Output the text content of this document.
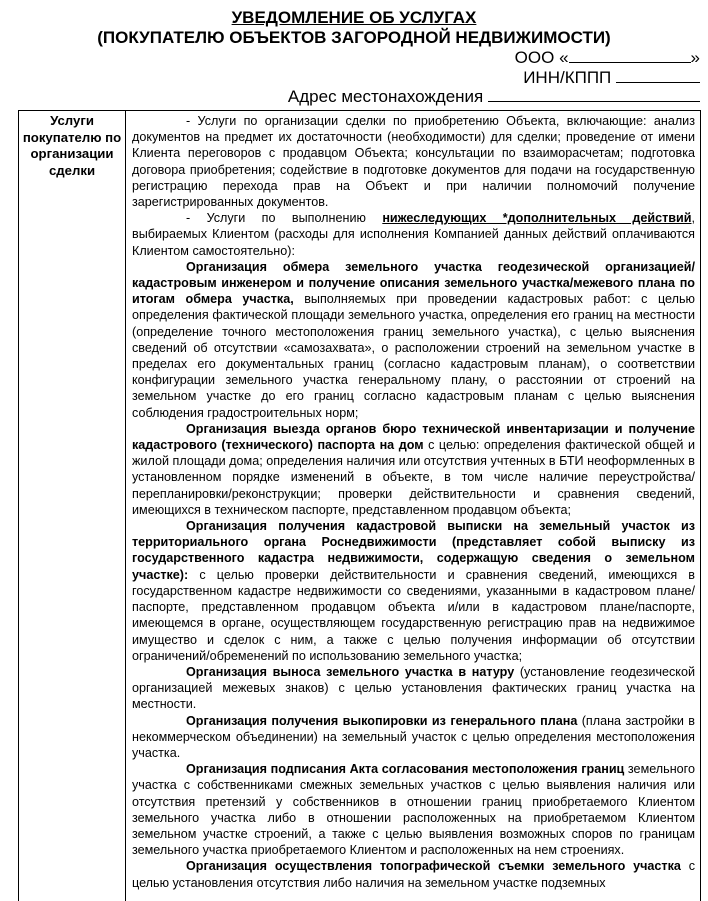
УВЕДОМЛЕНИЕ ОБ УСЛУГАХ
(ПОКУПАТЕЛЮ ОБЪЕКТОВ ЗАГОРОДНОЙ НЕДВИЖИМОСТИ)
ООО «	»
ИНН/КППП
Адрес местонахождения
Услуги покупателю по организации сделки

- Услуги по организации сделки по приобретению Объекта, включающие: анализ документов на предмет их достаточности (необходимости) для сделки; проведение от имени Клиента переговоров с продавцом Объекта; консультации по взаиморасчетам; подготовка договора приобретения; содействие в подготовке документов для подачи на государственную регистрацию перехода прав на Объект и при наличии полномочий получение зарегистрированных документов.

- Услуги по выполнению нижеследующих *дополнительных действий, выбираемых Клиентом (расходы для исполнения Компанией данных действий оплачиваются Клиентом самостоятельно):

Организация обмера земельного участка геодезической организацией/кадастровым инженером и получение описания земельного участка/межевого плана по итогам обмера участка, выполняемых при проведении кадастровых работ: с целью определения фактической площади земельного участка, определения его границ на местности (определение точного местоположения границ земельного участка), с целью выяснения сведений об отсутствии «самозахвата», о расположении строений на земельном участке в пределах его документальных границ (согласно кадастровым планам), о соответствии конфигурации земельного участка генеральному плану, о расстоянии от строений на земельном участке до его границ согласно кадастровым планам с целью выяснения соблюдения градостроительных норм;

Организация выезда органов бюро технической инвентаризации и получение кадастрового (технического) паспорта на дом с целью: определения фактической общей и жилой площади дома; определения наличия или отсутствия учтенных в БТИ неоформленных в установленном порядке изменений в объекте, в том числе наличие переустройства/перепланировки/реконструкции; проверки действительности и сравнения сведений, имеющихся в техническом паспорте, представленном продавцом объекта;

Организация получения кадастровой выписки на земельный участок из территориального органа Роснедвижимости (представляет собой выписку из государственного кадастра недвижимости, содержащую сведения о земельном участке): с целью проверки действительности и сравнения сведений, имеющихся в государственном кадастре недвижимости со сведениями, указанными в кадастровом плане/паспорте, представленном продавцом объекта и/или в кадастровом плане/паспорте, имеющемся в органе, осуществляющем государственную регистрацию прав на недвижимое имущество и сделок с ним, а также с целью получения информации об отсутствии ограничений/обременений по использованию земельного участка;

Организация выноса земельного участка в натуру (установление геодезической организацией межевых знаков) с целью установления фактических границ участка на местности.

Организация получения выкопировки из генерального плана (плана застройки в некоммерческом объединении) на земельный участок с целью определения местоположения участка.

Организация подписания Акта согласования местоположения границ земельного участка с собственниками смежных земельных участков с целью выявления наличия или отсутствия претензий у собственников в отношении границ приобретаемого Клиентом земельного участка либо в отношении расположенных на приобретаемом Клиентом земельном участке строений, а также с целью выявления возможных споров по границам земельного участка приобретаемого Клиентом и расположенных на нем строениях.

Организация осуществления топографической съемки земельного участка с целью установления отсутствия либо наличия на земельном участке подземных
